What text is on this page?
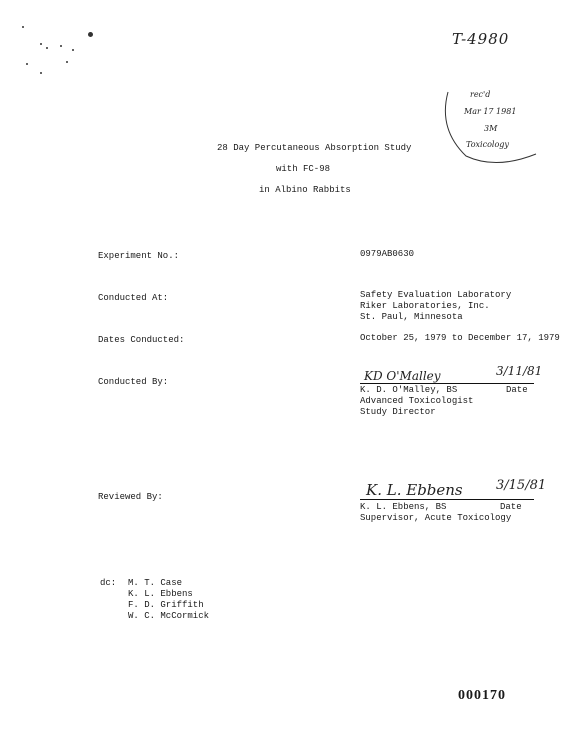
T-4980
rec'd
Mar 17 1981
3M
Toxicology
28 Day Percutaneous Absorption Study
with FC-98
in Albino Rabbits
Experiment No.:	0979AB0630
Conducted At:	Safety Evaluation Laboratory
Riker Laboratories, Inc.
St. Paul, Minnesota
Dates Conducted:	October 25, 1979 to December 17, 1979
Conducted By:	KD O'Malley	3/11/81
K. D. O'Malley, BS	Date
Advanced Toxicologist
Study Director
Reviewed By:	K. L. Ebbens	3/15/81
K. L. Ebbens, BS	Date
Supervisor, Acute Toxicology
dc: M. T. Case
K. L. Ebbens
F. D. Griffith
W. C. McCormick
000170
